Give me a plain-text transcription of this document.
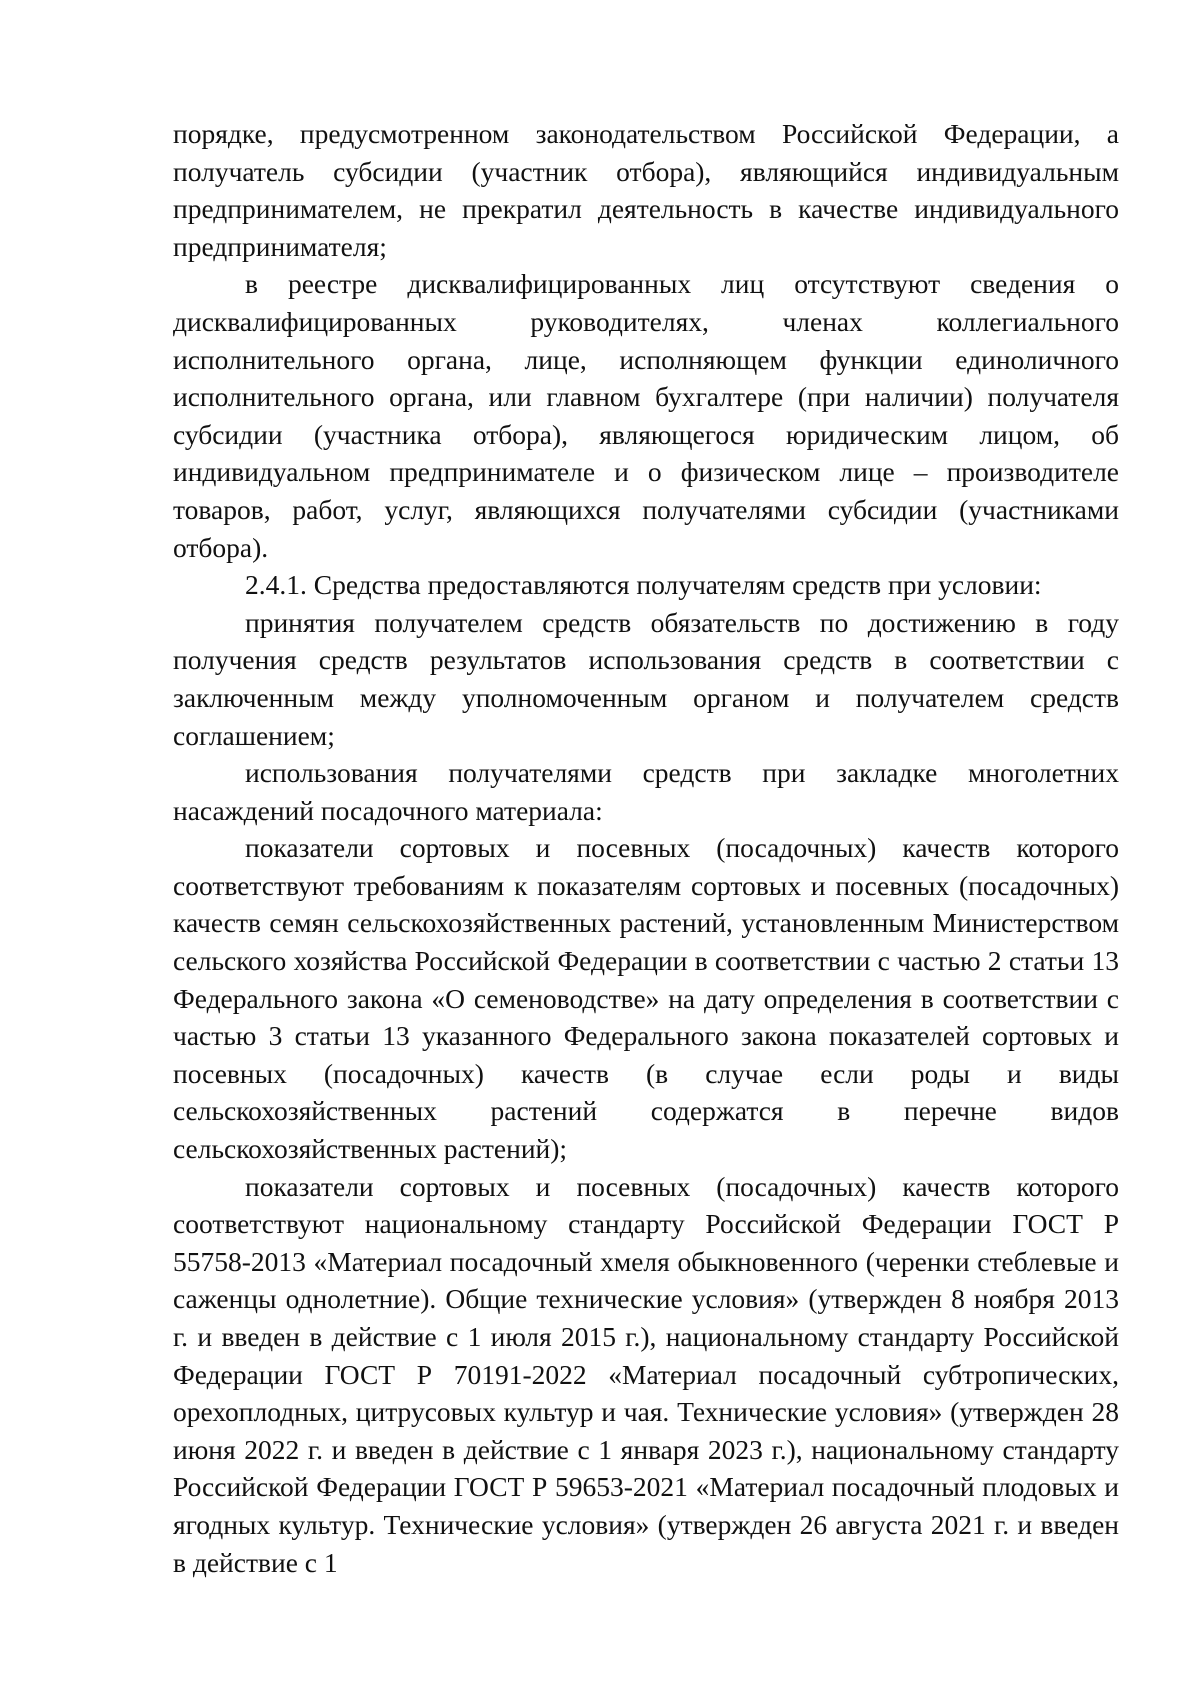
порядке, предусмотренном законодательством Российской Федерации, а получатель субсидии (участник отбора), являющийся индивидуальным предпринимателем, не прекратил деятельность в качестве индивидуального предпринимателя;

в реестре дисквалифицированных лиц отсутствуют сведения о дисквалифицированных руководителях, членах коллегиального исполнительного органа, лице, исполняющем функции единоличного исполнительного органа, или главном бухгалтере (при наличии) получателя субсидии (участника отбора), являющегося юридическим лицом, об индивидуальном предпринимателе и о физическом лице – производителе товаров, работ, услуг, являющихся получателями субсидии (участниками отбора).

2.4.1. Средства предоставляются получателям средств при условии:

принятия получателем средств обязательств по достижению в году получения средств результатов использования средств в соответствии с заключенным между уполномоченным органом и получателем средств соглашением;

использования получателями средств при закладке многолетних насаждений посадочного материала:

показатели сортовых и посевных (посадочных) качеств которого соответствуют требованиям к показателям сортовых и посевных (посадочных) качеств семян сельскохозяйственных растений, установленным Министерством сельского хозяйства Российской Федерации в соответствии с частью 2 статьи 13 Федерального закона «О семеноводстве» на дату определения в соответствии с частью 3 статьи 13 указанного Федерального закона показателей сортовых и посевных (посадочных) качеств (в случае если роды и виды сельскохозяйственных растений содержатся в перечне видов сельскохозяйственных растений);

показатели сортовых и посевных (посадочных) качеств которого соответствуют национальному стандарту Российской Федерации ГОСТ Р 55758-2013 «Материал посадочный хмеля обыкновенного (черенки стеблевые и саженцы однолетние). Общие технические условия» (утвержден 8 ноября 2013 г. и введен в действие с 1 июля 2015 г.), национальному стандарту Российской Федерации ГОСТ Р 70191-2022 «Материал посадочный субтропических, орехоплодных, цитрусовых культур и чая. Технические условия» (утвержден 28 июня 2022 г. и введен в действие с 1 января 2023 г.), национальному стандарту Российской Федерации ГОСТ Р 59653-2021 «Материал посадочный плодовых и ягодных культур. Технические условия» (утвержден 26 августа 2021 г. и введен в действие с 1
